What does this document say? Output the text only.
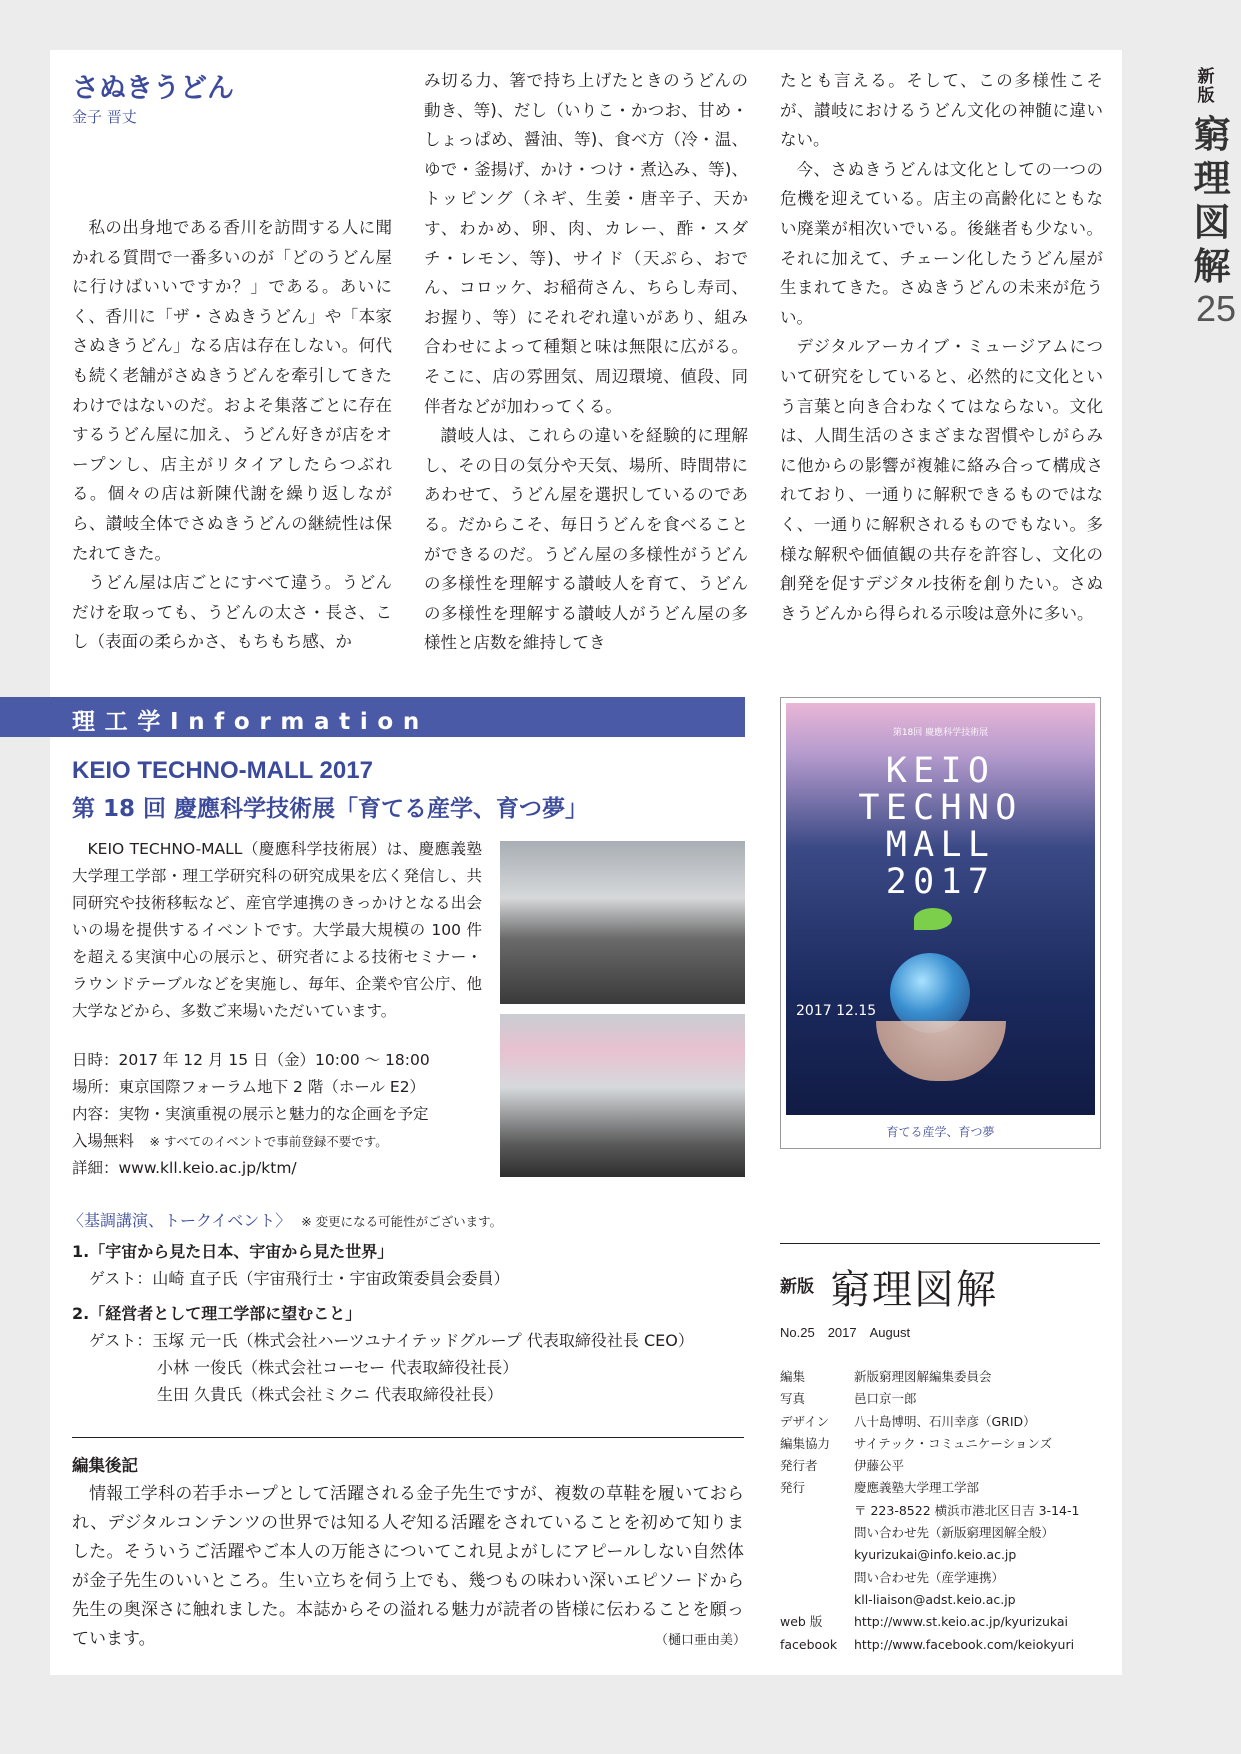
新版
窮理図解
25
さぬきうどん
金子 晋丈

私の出身地である香川を訪問する人に聞かれる質問で一番多いのが「どのうどん屋に行けばいいですか？」である。あいにく、香川に「ザ・さぬきうどん」や「本家さぬきうどん」なる店は存在しない。何代も続く老舗がさぬきうどんを牽引してきたわけではないのだ。およそ集落ごとに存在するうどん屋に加え、うどん好きが店をオープンし、店主がリタイアしたらつぶれる。個々の店は新陳代謝を繰り返しながら、讃岐全体でさぬきうどんの継続性は保たれてきた。

うどん屋は店ごとにすべて違う。うどんだけを取っても、うどんの太さ・長さ、こし（表面の柔らかさ、もちもち感、か

み切る力、箸で持ち上げたときのうどんの動き、等)、だし（いりこ・かつお、甘め・しょっぱめ、醤油、等)、食べ方（冷・温、ゆで・釜揚げ、かけ・つけ・煮込み、等)、トッピング（ネギ、生姜・唐辛子、天かす、わかめ、卵、肉、カレー、酢・スダチ・レモン、等)、サイド（天ぷら、おでん、コロッケ、お稲荷さん、ちらし寿司、お握り、等）にそれぞれ違いがあり、組み合わせによって種類と味は無限に広がる。そこに、店の雰囲気、周辺環境、値段、同伴者などが加わってくる。

讃岐人は、これらの違いを経験的に理解し、その日の気分や天気、場所、時間帯にあわせて、うどん屋を選択しているのである。だからこそ、毎日うどんを食べることができるのだ。うどん屋の多様性がうどんの多様性を理解する讃岐人を育て、うどんの多様性を理解する讃岐人がうどん屋の多様性と店数を維持してき

たとも言える。そして、この多様性こそが、讃岐におけるうどん文化の神髄に違いない。

今、さぬきうどんは文化としての一つの危機を迎えている。店主の高齢化にともない廃業が相次いでいる。後継者も少ない。それに加えて、チェーン化したうどん屋が生まれてきた。さぬきうどんの未来が危うい。

デジタルアーカイブ・ミュージアムについて研究をしていると、必然的に文化という言葉と向き合わなくてはならない。文化は、人間生活のさまざまな習慣やしがらみに他からの影響が複雑に絡み合って構成されており、一通りに解釈できるものではなく、一通りに解釈されるものでもない。多様な解釈や価値観の共存を許容し、文化の創発を促すデジタル技術を創りたい。さぬきうどんから得られる示唆は意外に多い。

理工学Information
KEIO TECHNO-MALL 2017
第 18 回 慶應科学技術展「育てる産学、育つ夢」
KEIO TECHNO-MALL（慶應科学技術展）は、慶應義塾大学理工学部・理工学研究科の研究成果を広く発信し、共同研究や技術移転など、産官学連携のきっかけとなる出会いの場を提供するイベントです。大学最大規模の 100 件を超える実演中心の展示と、研究者による技術セミナー・ラウンドテーブルなどを実施し、毎年、企業や官公庁、他大学などから、多数ご来場いただいています。
日時：2017 年 12 月 15 日（金）10:00 ～ 18:00
場所：東京国際フォーラム地下 2 階（ホール E2）
内容：実物・実演重視の展示と魅力的な企画を予定
入場無料　 ※ すべてのイベントで事前登録不要です。
詳細：www.kll.keio.ac.jp/ktm/
第18回 慶應科学技術展
KEIO
TECHNO
MALL
2017
2017 12.15
育てる産学、育つ夢
〈基調講演、トークイベント〉 ※ 変更になる可能性がございます。
1.「宇宙から見た日本、宇宙から見た世界」
ゲスト：山崎 直子氏（宇宙飛行士・宇宙政策委員会委員）
2.「経営者として理工学部に望むこと」
ゲスト：玉塚 元一氏（株式会社ハーツユナイテッドグループ 代表取締役社長 CEO）
小林 一俊氏（株式会社コーセー 代表取締役社長）
生田 久貴氏（株式会社ミクニ 代表取締役社長）
編集後記
情報工学科の若手ホープとして活躍される金子先生ですが、複数の草鞋を履いておられ、デジタルコンテンツの世界では知る人ぞ知る活躍をされていることを初めて知りました。そういうご活躍やご本人の万能さについてこれ見よがしにアピールしない自然体が金子先生のいいところ。生い立ちを伺う上でも、幾つもの味わい深いエピソードから先生の奥深さに触れました。本誌からその溢れる魅力が読者の皆様に伝わることを願っています。	（樋口亜由美）
新版 窮理図解
No.25　2017　August
編集	新版窮理図解編集委員会
写真	邑口京一郎
デザイン	八十島博明、石川幸彦（GRID）
編集協力	サイテック・コミュニケーションズ
発行者	伊藤公平
発行	慶應義塾大学理工学部
〒 223-8522 横浜市港北区日吉 3-14-1
問い合わせ先（新版窮理図解全般）
kyurizukai@info.keio.ac.jp
問い合わせ先（産学連携）
kll-liaison@adst.keio.ac.jp
web 版	http://www.st.keio.ac.jp/kyurizukai
facebook	http://www.facebook.com/keiokyuri
